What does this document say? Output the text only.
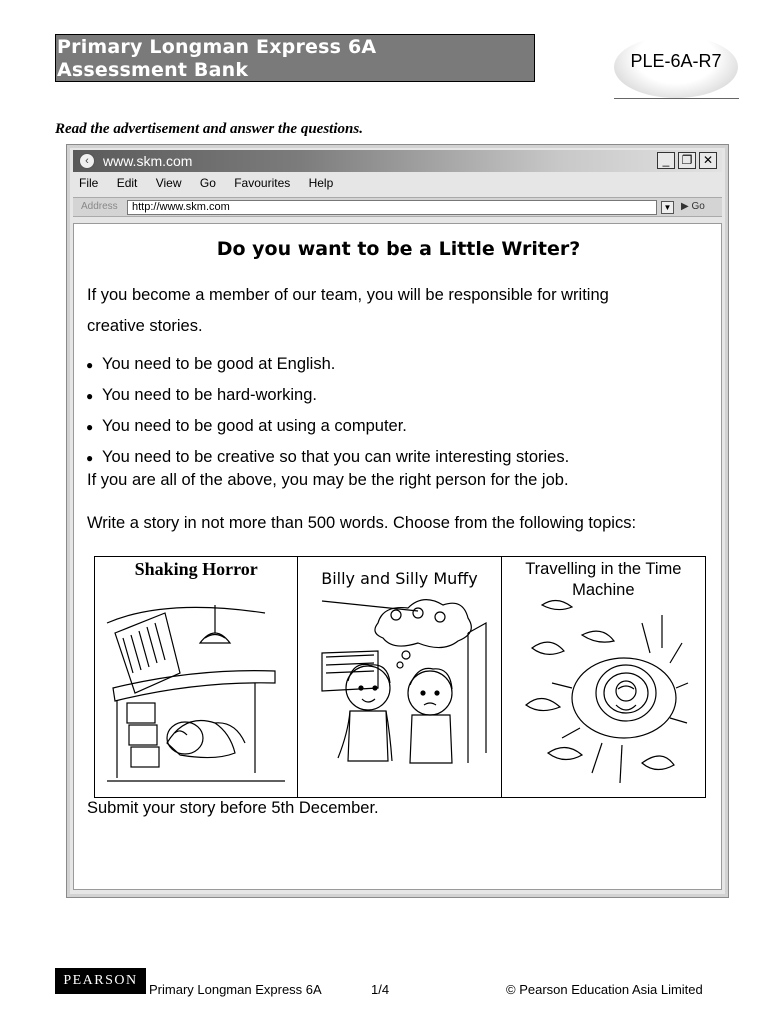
Primary Longman Express 6A
Assessment Bank	PLE-6A-R7
Read the advertisement and answer the questions.
‹	www.skm.com	_	❐ ✕
File Edit View Go Favourites Help
Address	http://www.skm.com	▼ ▶ Go
Do you want to be a Little Writer?
If you become a member of our team, you will be responsible for writing
creative stories.
● You need to be good at English.
● You need to be hard-working.
● You need to be good at using a computer.
● You need to be creative so that you can write interesting stories.
If you are all of the above, you may be the right person for the job.
Write a story in not more than 500 words. Choose from the following topics:
Shaking Horror	Billy and Silly Muffy	Travelling in the Time Machine
Submit your story before 5th December.
PEARSON
Primary Longman Express 6A	1/4	© Pearson Education Asia Limited
